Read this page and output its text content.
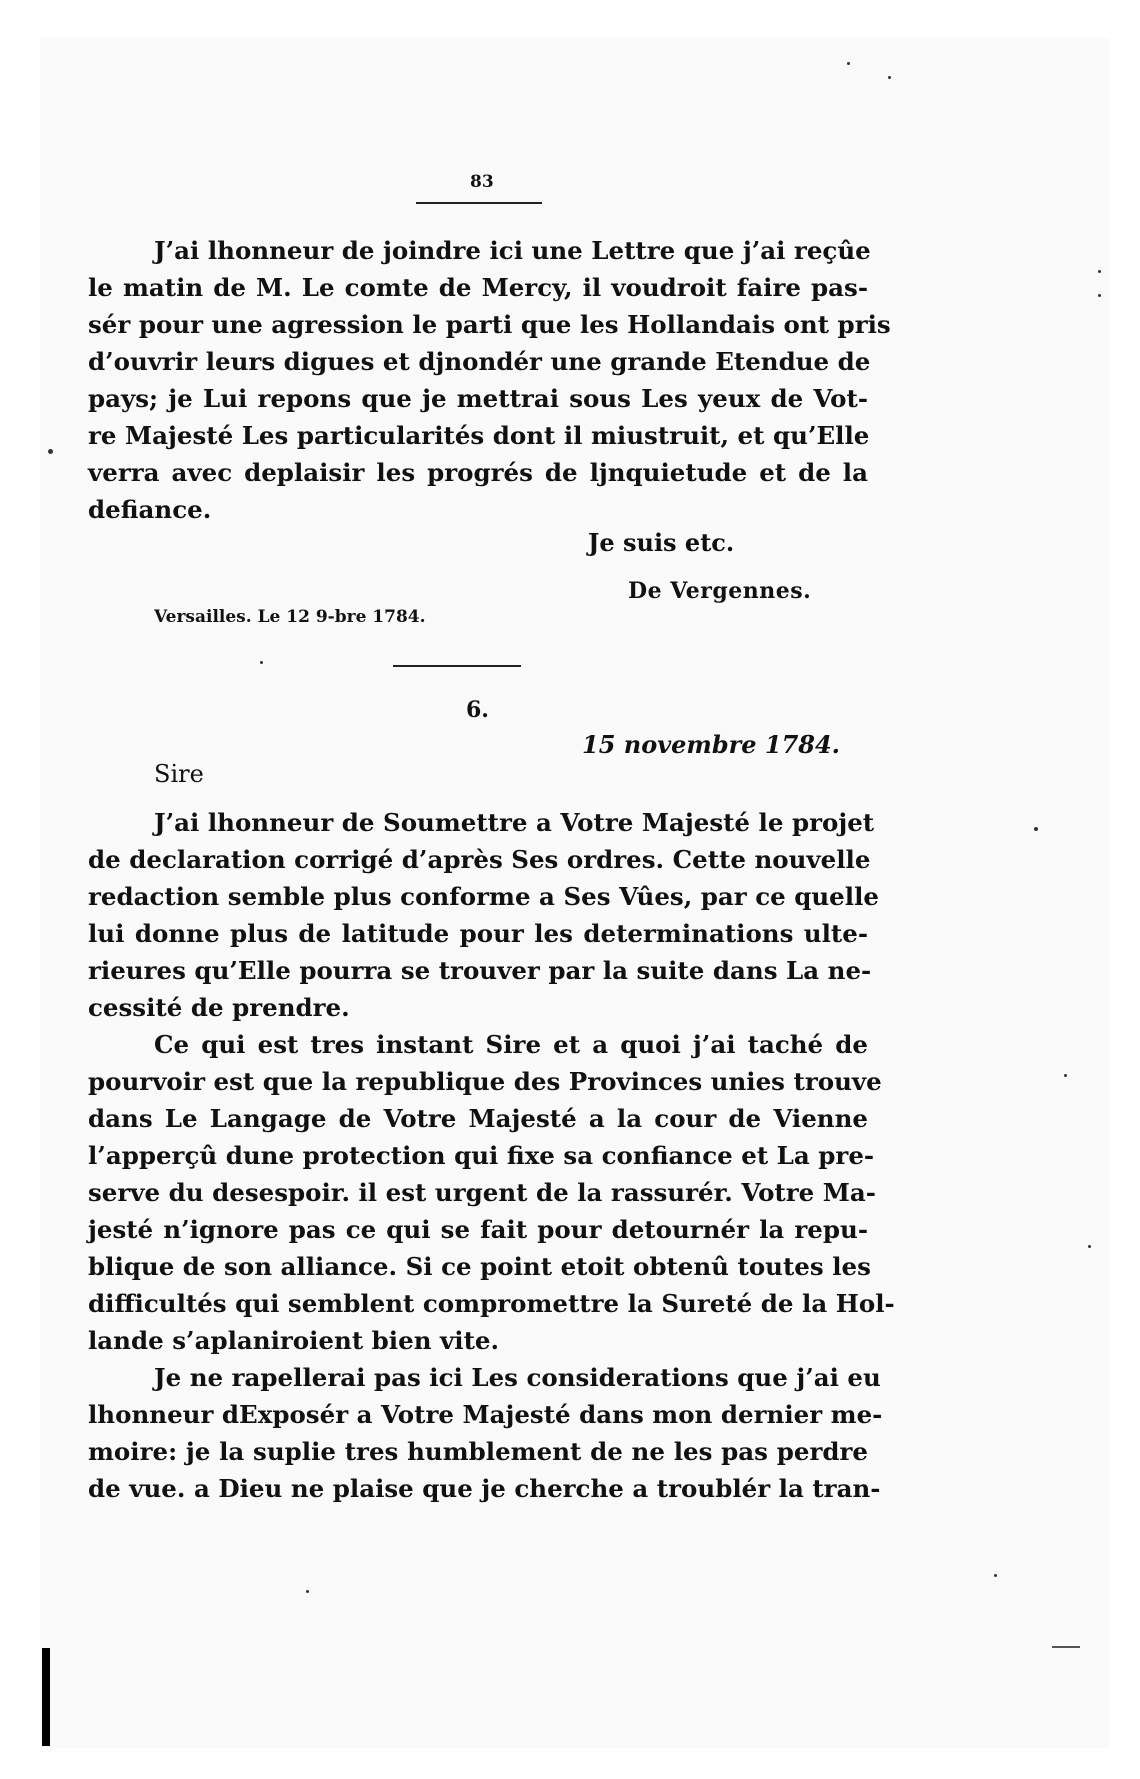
83
J’ai lhonneur de joindre ici une Lettre que j’ai reçûe
le matin de M. Le comte de Mercy, il voudroit faire pas-
sér pour une agression le parti que les Hollandais ont pris
d’ouvrir leurs digues et djnondér une grande Etendue de
pays; je Lui repons que je mettrai sous Les yeux de Vot-
re Majesté Les particularités dont il miustruit, et qu’Elle
verra avec deplaisir les progrés de ljnquietude et de la
defiance.
Je suis etc.
De Vergennes.
Versailles. Le 12 9-bre 1784.
6.
15 novembre 1784.
Sire
J’ai lhonneur de Soumettre a Votre Majesté le projet
de declaration corrigé d’après Ses ordres. Cette nouvelle
redaction semble plus conforme a Ses Vûes, par ce quelle
lui donne plus de latitude pour les determinations ulte-
rieures qu’Elle pourra se trouver par la suite dans La ne-
cessité de prendre.
Ce qui est tres instant Sire et a quoi j’ai taché de
pourvoir est que la republique des Provinces unies trouve
dans Le Langage de Votre Majesté a la cour de Vienne
l’apperçû dune protection qui fixe sa confiance et La pre-
serve du desespoir. il est urgent de la rassurér. Votre Ma-
jesté n’ignore pas ce qui se fait pour detournér la repu-
blique de son alliance. Si ce point etoit obtenû toutes les
difficultés qui semblent compromettre la Sureté de la Hol-
lande s’aplaniroient bien vite.
Je ne rapellerai pas ici Les considerations que j’ai eu
lhonneur dExposér a Votre Majesté dans mon dernier me-
moire: je la suplie tres humblement de ne les pas perdre
de vue. a Dieu ne plaise que je cherche a troublér la tran-
